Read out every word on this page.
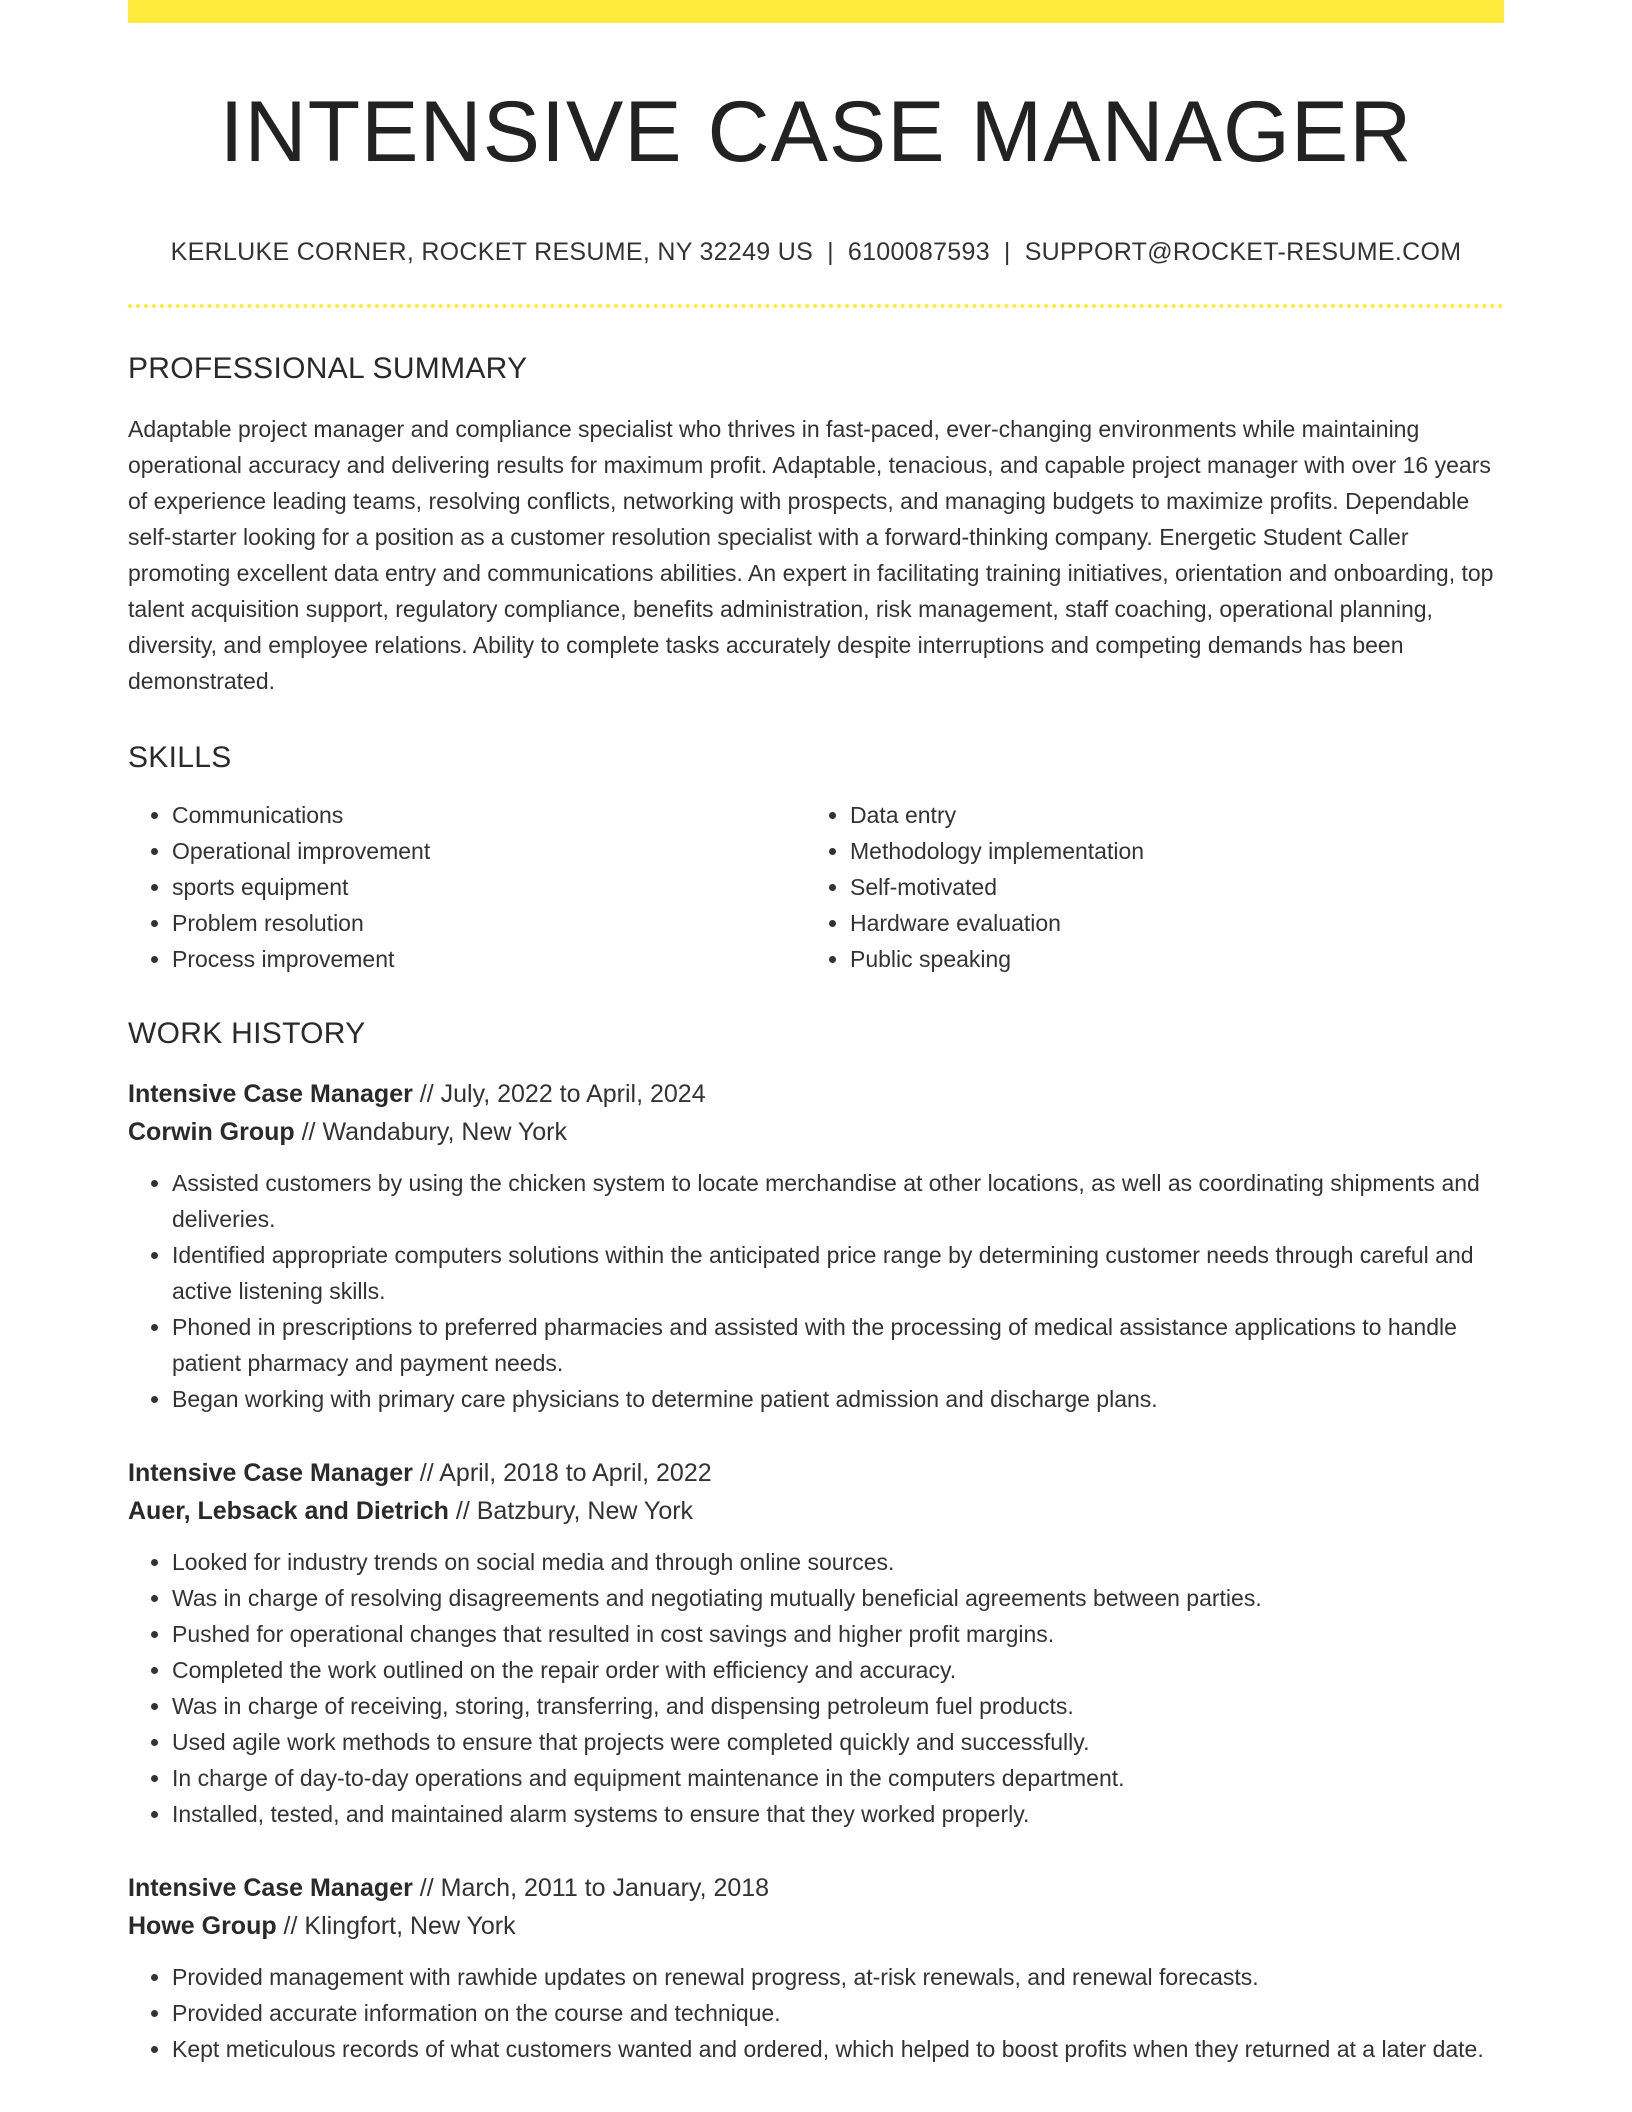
INTENSIVE CASE MANAGER
KERLUKE CORNER, ROCKET RESUME, NY 32249 US | 6100087593 | SUPPORT@ROCKET-RESUME.COM
PROFESSIONAL SUMMARY

Adaptable project manager and compliance specialist who thrives in fast-paced, ever-changing environments while maintaining operational accuracy and delivering results for maximum profit. Adaptable, tenacious, and capable project manager with over 16 years of experience leading teams, resolving conflicts, networking with prospects, and managing budgets to maximize profits. Dependable self-starter looking for a position as a customer resolution specialist with a forward-thinking company. Energetic Student Caller promoting excellent data entry and communications abilities. An expert in facilitating training initiatives, orientation and onboarding, top talent acquisition support, regulatory compliance, benefits administration, risk management, staff coaching, operational planning, diversity, and employee relations. Ability to complete tasks accurately despite interruptions and competing demands has been demonstrated.

SKILLS
• Communications
• Operational improvement
• sports equipment
• Problem resolution
• Process improvement
• Data entry
• Methodology implementation
• Self-motivated
• Hardware evaluation
• Public speaking
WORK HISTORY
Intensive Case Manager // July, 2022 to April, 2024
Corwin Group // Wandabury, New York
• Assisted customers by using the chicken system to locate merchandise at other locations, as well as coordinating shipments and deliveries.
• Identified appropriate computers solutions within the anticipated price range by determining customer needs through careful and active listening skills.
• Phoned in prescriptions to preferred pharmacies and assisted with the processing of medical assistance applications to handle patient pharmacy and payment needs.
• Began working with primary care physicians to determine patient admission and discharge plans.
Intensive Case Manager // April, 2018 to April, 2022
Auer, Lebsack and Dietrich // Batzbury, New York
• Looked for industry trends on social media and through online sources.
• Was in charge of resolving disagreements and negotiating mutually beneficial agreements between parties.
• Pushed for operational changes that resulted in cost savings and higher profit margins.
• Completed the work outlined on the repair order with efficiency and accuracy.
• Was in charge of receiving, storing, transferring, and dispensing petroleum fuel products.
• Used agile work methods to ensure that projects were completed quickly and successfully.
• In charge of day-to-day operations and equipment maintenance in the computers department.
• Installed, tested, and maintained alarm systems to ensure that they worked properly.
Intensive Case Manager // March, 2011 to January, 2018
Howe Group // Klingfort, New York
• Provided management with rawhide updates on renewal progress, at-risk renewals, and renewal forecasts.
• Provided accurate information on the course and technique.
• Kept meticulous records of what customers wanted and ordered, which helped to boost profits when they returned at a later date.
